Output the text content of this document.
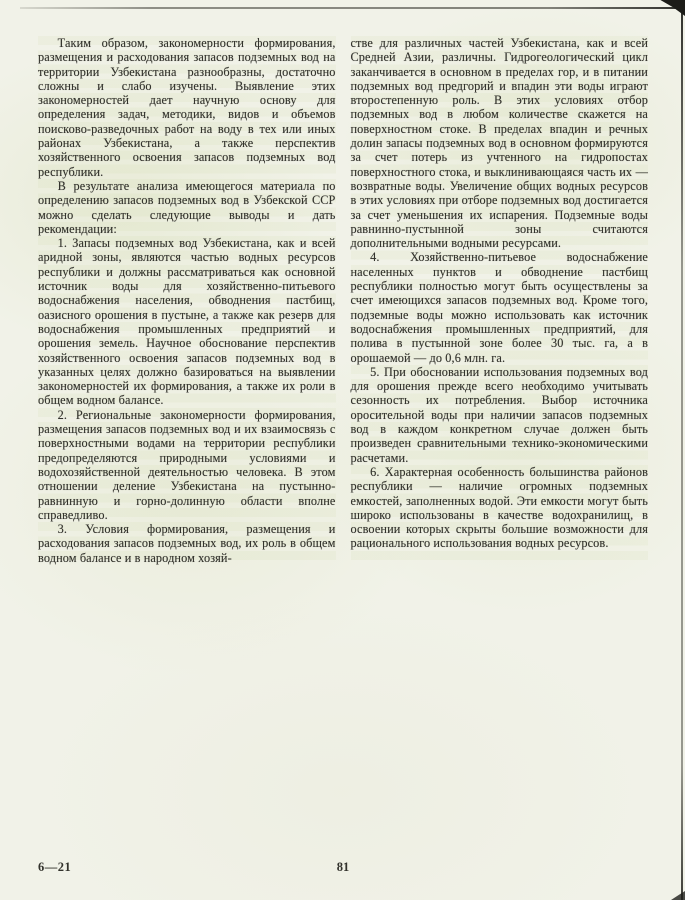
Таким образом, закономерности формирования, размещения и расходования запасов подземных вод на территории Узбекистана разнообразны, достаточно сложны и слабо изучены. Выявление этих закономерностей дает научную основу для определения задач, методики, видов и объемов поисково-разведочных работ на воду в тех или иных районах Узбекистана, а также перспектив хозяйственного освоения запасов подземных вод республики.

В результате анализа имеющегося материала по определению запасов подземных вод в Узбекской ССР можно сделать следующие выводы и дать рекомендации:

1. Запасы подземных вод Узбекистана, как и всей аридной зоны, являются частью водных ресурсов республики и должны рассматриваться как основной источник воды для хозяйственно-питьевого водоснабжения населения, обводнения пастбищ, оазисного орошения в пустыне, а также как резерв для водоснабжения промышленных предприятий и орошения земель. Научное обоснование перспектив хозяйственного освоения запасов подземных вод в указанных целях должно базироваться на выявлении закономерностей их формирования, а также их роли в общем водном балансе.

2. Региональные закономерности формирования, размещения запасов подземных вод и их взаимосвязь с поверхностными водами на территории республики предопределяются природными условиями и водохозяйственной деятельностью человека. В этом отношении деление Узбекистана на пустынно-равнинную и горно-долинную области вполне справедливо.

3. Условия формирования, размещения и расходования запасов подземных вод, их роль в общем водном балансе и в народном хозяй-

стве для различных частей Узбекистана, как и всей Средней Азии, различны. Гидрогеологический цикл заканчивается в основном в пределах гор, и в питании подземных вод предгорий и впадин эти воды играют второстепенную роль. В этих условиях отбор подземных вод в любом количестве скажется на поверхностном стоке. В пределах впадин и речных долин запасы подземных вод в основном формируются за счет потерь из учтенного на гидропостах поверхностного стока, и выклинивающаяся часть их — возвратные воды. Увеличение общих водных ресурсов в этих условиях при отборе подземных вод достигается за счет уменьшения их испарения. Подземные воды равнинно-пустынной зоны считаются дополнительными водными ресурсами.

4. Хозяйственно-питьевое водоснабжение населенных пунктов и обводнение пастбищ республики полностью могут быть осуществлены за счет имеющихся запасов подземных вод. Кроме того, подземные воды можно использовать как источник водоснабжения промышленных предприятий, для полива в пустынной зоне более 30 тыс. га, а в орошаемой — до 0,6 млн. га.

5. При обосновании использования подземных вод для орошения прежде всего необходимо учитывать сезонность их потребления. Выбор источника оросительной воды при наличии запасов подземных вод в каждом конкретном случае должен быть произведен сравнительными технико-экономическими расчетами.

6. Характерная особенность большинства районов республики — наличие огромных подземных емкостей, заполненных водой. Эти емкости могут быть широко использованы в качестве водохранилищ, в освоении которых скрыты большие возможности для рационального использования водных ресурсов.

6—21	81
